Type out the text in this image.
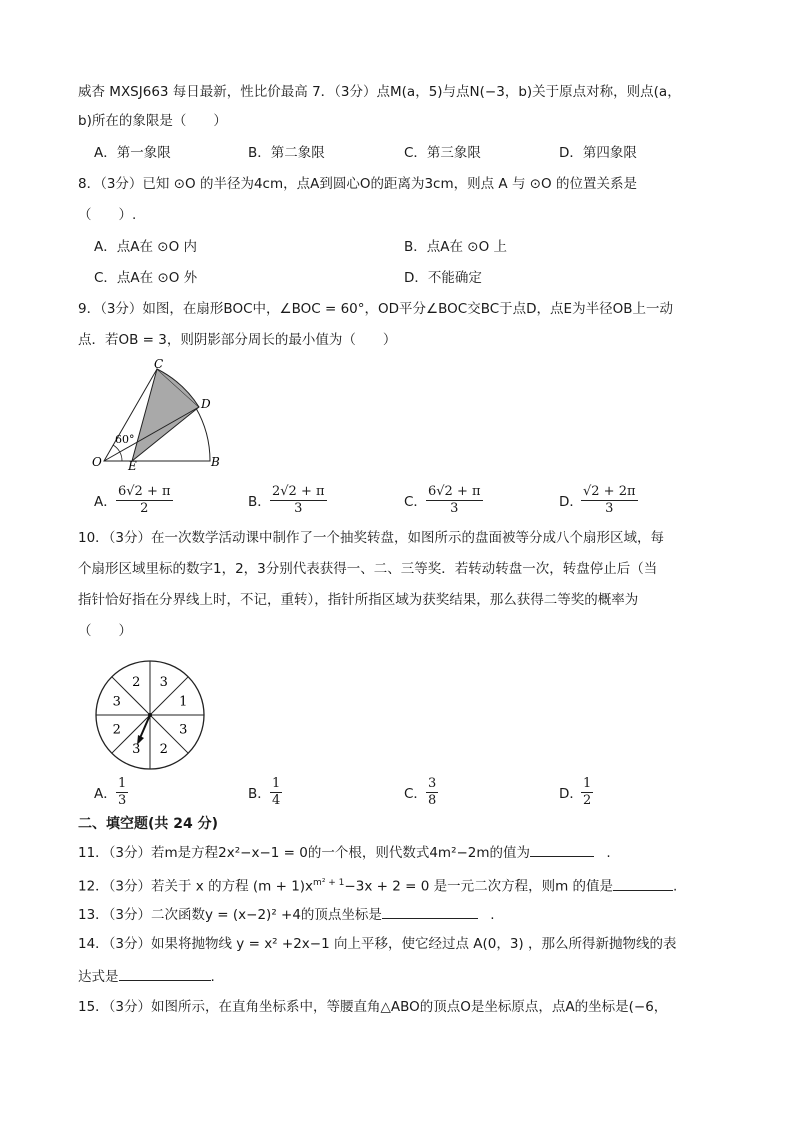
威杏 MXSJ663 每日最新，性比价最高 7．（3分）点M(a，5)与点N(−3，b)关于原点对称，则点(a，
b)所在的象限是（　　）
A．第一象限	B．第二象限	C．第三象限	D．第四象限
8．（3分）已知 ⊙O 的半径为4cm，点A到圆心O的距离为3cm，则点 A 与 ⊙O 的位置关系是
（　　）.
A．点A在 ⊙O 内	B．点A在 ⊙O 上
C．点A在 ⊙O 外	D．不能确定
9．（3分）如图，在扇形BOC中，∠BOC = 60°，OD平分∠BOC交BC于点D，点E为半径OB上一动
点．若OB = 3，则阴影部分周长的最小值为（　　）
60°
C
D
O E	B
A． $\frac{6√2 + \pi}{2}$	B． $\frac{2√2 + \pi}{3}$	C． $\frac{6√2 + \pi}{3}$	D．
$\frac{√2 + 2\pi}{3}$
10．（3分）在一次数学活动课中制作了一个抽奖转盘，如图所示的盘面被等分成八个扇形区域，每
个扇形区域里标的数字1，2，3分别代表获得一、二、三等奖．若转动转盘一次，转盘停止后（当
指针恰好指在分界线上时，不记，重转），指针所指区域为获奖结果，那么获得二等奖的概率为
（　　）
2 3
1
3
2
3
2
3
A． $\frac{1}{3}$	B． $\frac{1}{4}$	C． $\frac{3}{8}$	D．
$\frac{1}{2}$
二、填空题(共 24 分)
11．（3分）若m是方程2x²−x−1 = 0的一个根，则代数式4m²−2m的值为	.
12．（3分）若关于 x 的方程 $(m + 1)x^{m^2 + 1}-3x + 2 = 0$ 是一元二次方程，则m 的值是	.
13．（3分）二次函数y = (x−2)² +4的顶点坐标是	.
14．（3分）如果将抛物线 y = x² +2x−1 向上平移，使它经过点 A(0，3) ，那么所得新抛物线的表
达式是	.
15．（3分）如图所示，在直角坐标系中，等腰直角△ABO的顶点O是坐标原点，点A的坐标是(−6，
